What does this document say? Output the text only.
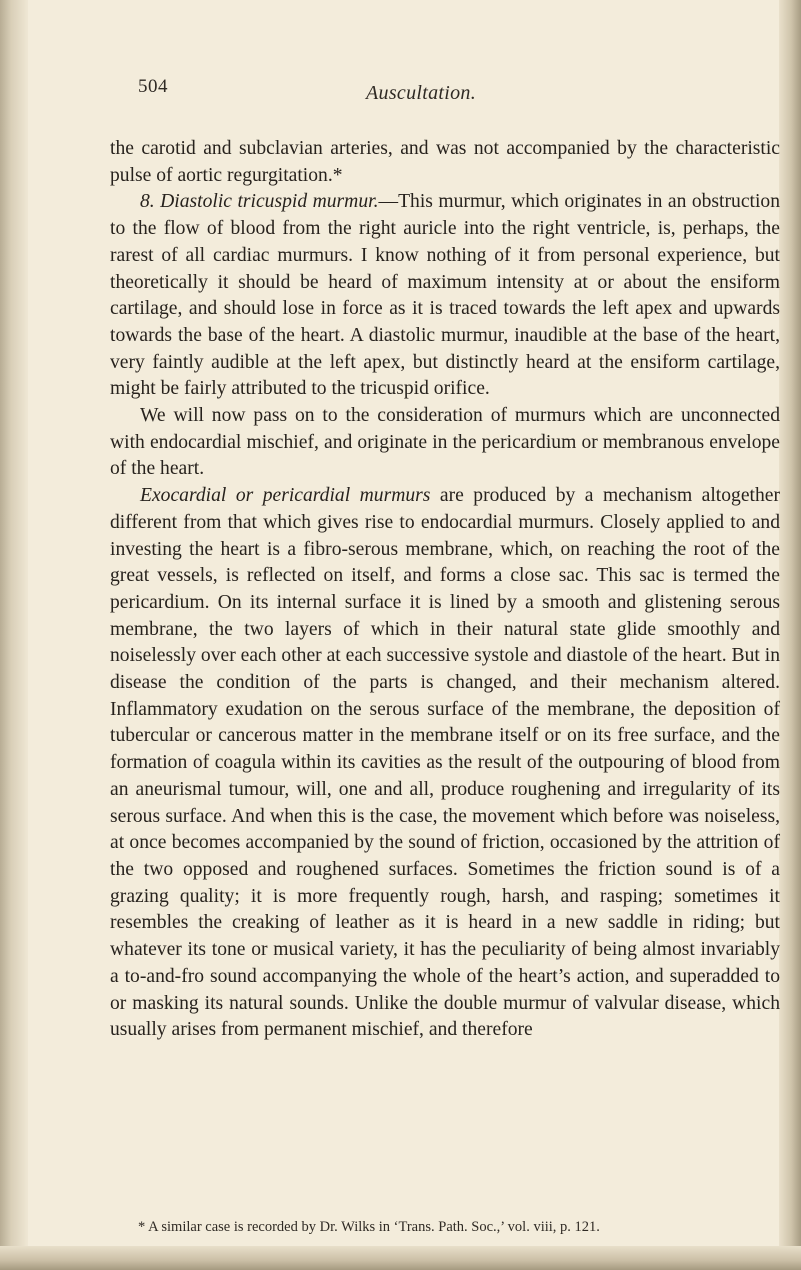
504	Auscultation.

the carotid and subclavian arteries, and was not accompanied by the characteristic pulse of aortic regurgitation.*

8. Diastolic tricuspid murmur.—This murmur, which originates in an obstruction to the flow of blood from the right auricle into the right ventricle, is, perhaps, the rarest of all cardiac murmurs. I know nothing of it from personal experience, but theoretically it should be heard of maximum intensity at or about the ensiform cartilage, and should lose in force as it is traced towards the left apex and upwards towards the base of the heart. A diastolic murmur, inaudible at the base of the heart, very faintly audible at the left apex, but distinctly heard at the ensiform cartilage, might be fairly attributed to the tricuspid orifice.

We will now pass on to the consideration of murmurs which are unconnected with endocardial mischief, and originate in the pericardium or membranous envelope of the heart.

Exocardial or pericardial murmurs are produced by a mechanism altogether different from that which gives rise to endocardial murmurs. Closely applied to and investing the heart is a fibro-serous membrane, which, on reaching the root of the great vessels, is reflected on itself, and forms a close sac. This sac is termed the pericardium. On its internal surface it is lined by a smooth and glistening serous membrane, the two layers of which in their natural state glide smoothly and noiselessly over each other at each successive systole and diastole of the heart. But in disease the condition of the parts is changed, and their mechanism altered. Inflammatory exudation on the serous surface of the membrane, the deposition of tubercular or cancerous matter in the membrane itself or on its free surface, and the formation of coagula within its cavities as the result of the outpouring of blood from an aneurismal tumour, will, one and all, produce roughening and irregularity of its serous surface. And when this is the case, the movement which before was noiseless, at once becomes accompanied by the sound of friction, occasioned by the attrition of the two opposed and roughened surfaces. Sometimes the friction sound is of a grazing quality; it is more frequently rough, harsh, and rasping; sometimes it resembles the creaking of leather as it is heard in a new saddle in riding; but whatever its tone or musical variety, it has the peculiarity of being almost invariably a to-and-fro sound accompanying the whole of the heart’s action, and superadded to or masking its natural sounds. Unlike the double murmur of valvular disease, which usually arises from permanent mischief, and therefore

* A similar case is recorded by Dr. Wilks in ‘Trans. Path. Soc.,’ vol. viii, p. 121.
